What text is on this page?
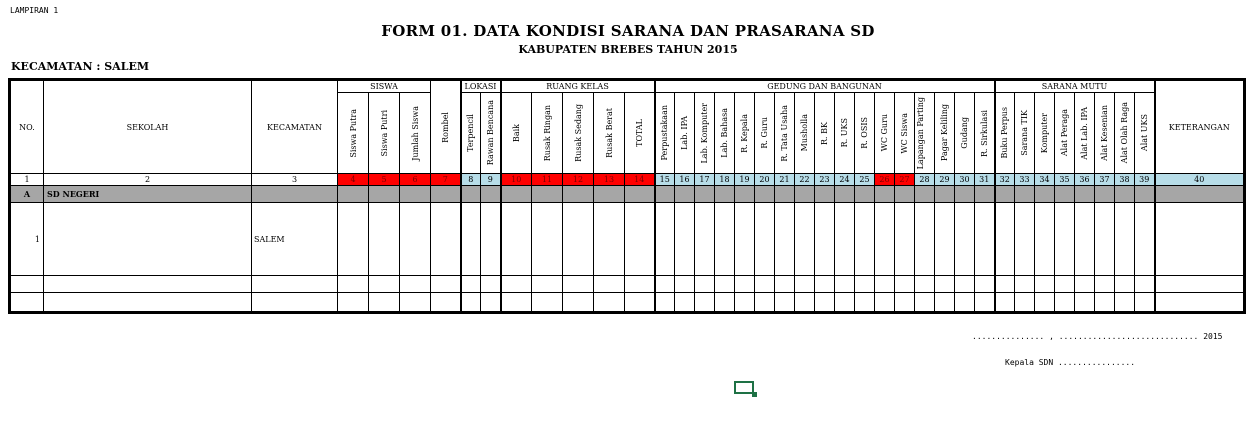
LAMPIRAN 1
FORM 01. DATA KONDISI SARANA DAN PRASARANA SD
KABUPATEN BREBES TAHUN 2015
KECAMATAN : SALEM
NO.	SEKOLAH	KECAMATAN	SISWA			Rombel	LOKASI		RUANG KELAS					GEDUNG DAN BANGUNAN																	SARANA MUTU								KETERANGAN

			Siswa Putra	Siswa Putri	Jumlah Siswa		Terpencil	Rawan Bencana	Baik	Rusak Ringan	Rusak Sedang	Rusak Berat	TOTAL	Perpustakaan	Lab. IPA	Lab. Komputer	Lab. Bahasa	R. Kepala	R. Guru	R. Tata Usaha	Musholla	R. BK	R. UKS	R. OSIS	WC Guru	WC Siswa	Lapangan Parting	Pagar Keliling	Gudang	R. Sirkulasi	Buku Perpus	Sarana TIK	Komputer	Alat Peraga	Alat Lab. IPA	Alat Kesenian	Alat Olah Raga	Alat UKS	

1	2	3	4	5	6	7	8	9	10	11	12	13	14	15	16	17	18	19	20	21	22	23	24	25	26	27	28	29	30	31	32	33	34	35	36	37	38	39	40
A	SD NEGERI																																						
1		SALEM																																					

............... , ............................. 2015
Kepala SDN ................
